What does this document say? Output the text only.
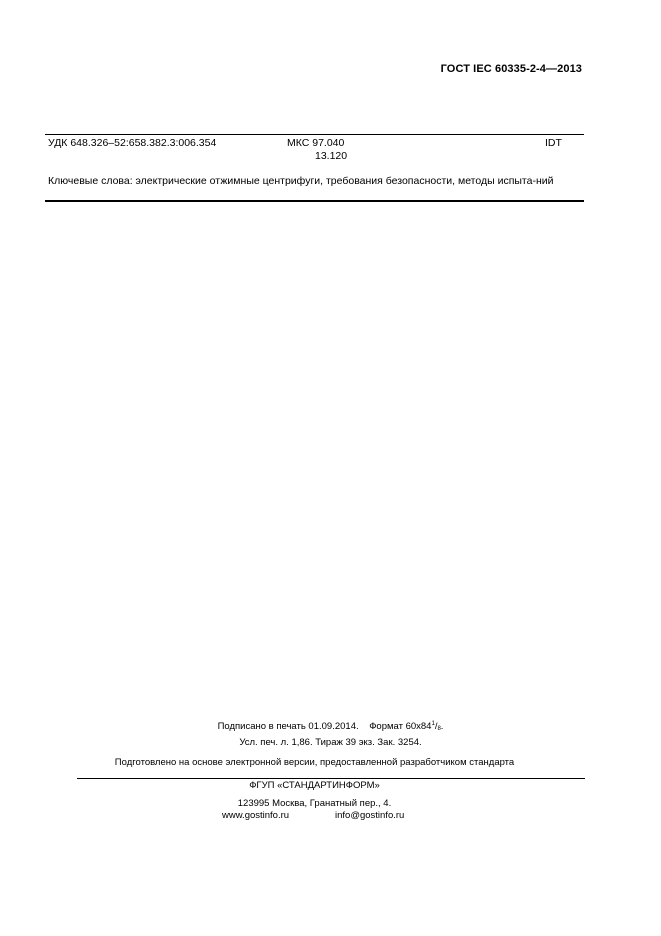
ГОСТ IEC 60335-2-4—2013
УДК 648.326–52:658.382.3:006.354	МКС 97.040
13.120
IDT
Ключевые слова: электрические отжимные центрифуги, требования безопасности, методы испыта-ний
Подписано в печать 01.09.2014. Формат $60x84^1/_8$.
Усл. печ. л. 1,86. Тираж 39 экз. Зак. 3254.
Подготовлено на основе электронной версии, предоставленной разработчиком стандарта
ФГУП «СТАНДАРТИНФОРМ»
123995 Москва, Гранатный пер., 4.
www.gostinfo.ru	info@gostinfo.ru
